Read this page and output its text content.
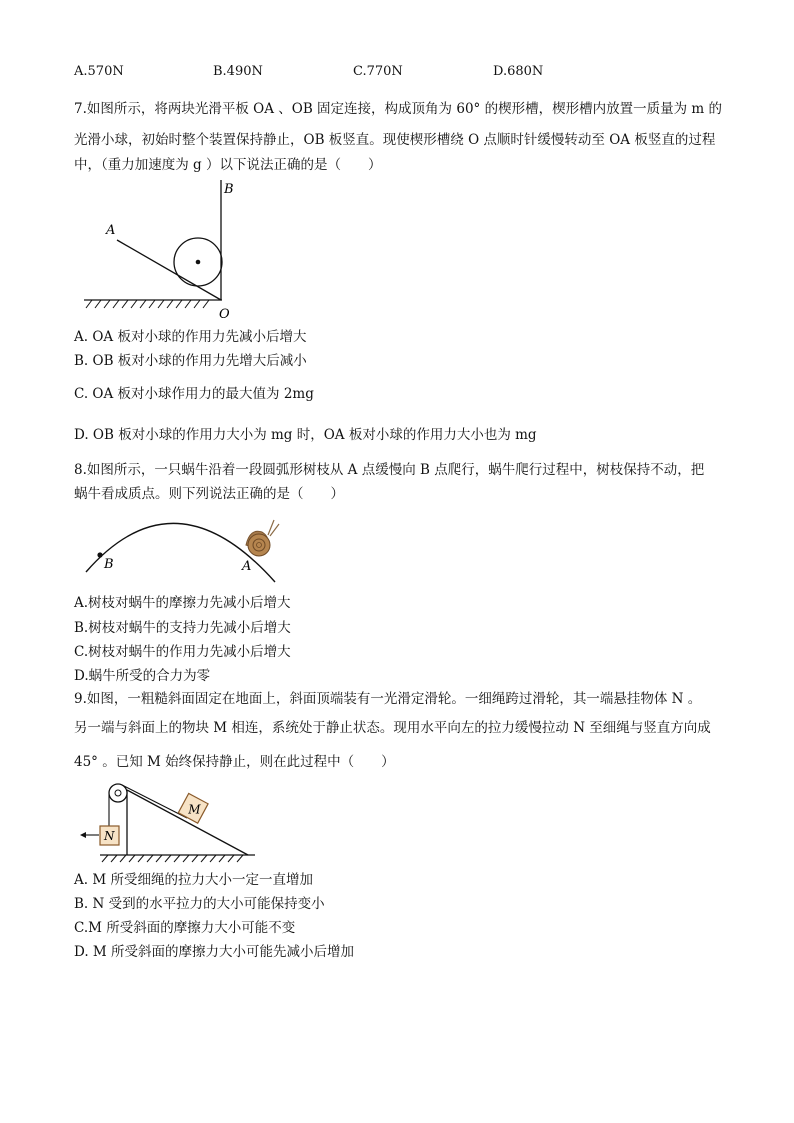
A.570N	B.490N	C.770N	D.680N
7.如图所示，将两块光滑平板 OA 、OB 固定连接，构成顶角为 60° 的楔形槽，楔形槽内放置一质量为 m 的
光滑小球，初始时整个装置保持静止，OB 板竖直。现使楔形槽绕 O 点顺时针缓慢转动至 OA 板竖直的过程
中，（重力加速度为 g ）以下说法正确的是（　　）
B
A
O
A. OA 板对小球的作用力先减小后增大
B. OB 板对小球的作用力先增大后减小
C. OA 板对小球作用力的最大值为 2mg
D. OB 板对小球的作用力大小为 mg 时，OA 板对小球的作用力大小也为 mg
8.如图所示，一只蜗牛沿着一段圆弧形树枝从 A 点缓慢向 B 点爬行，蜗牛爬行过程中，树枝保持不动，把
蜗牛看成质点。则下列说法正确的是（　　）
B	A
A.树枝对蜗牛的摩擦力先减小后增大
B.树枝对蜗牛的支持力先减小后增大
C.树枝对蜗牛的作用力先减小后增大
D.蜗牛所受的合力为零
9.如图，一粗糙斜面固定在地面上，斜面顶端装有一光滑定滑轮。一细绳跨过滑轮，其一端悬挂物体 N 。
另一端与斜面上的物块 M 相连，系统处于静止状态。现用水平向左的拉力缓慢拉动 N 至细绳与竖直方向成
45° 。已知 M 始终保持静止，则在此过程中（　　）
M
N
A. M 所受细绳的拉力大小一定一直增加
B. N 受到的水平拉力的大小可能保持变小
C.M 所受斜面的摩擦力大小可能不变
D. M 所受斜面的摩擦力大小可能先减小后增加
